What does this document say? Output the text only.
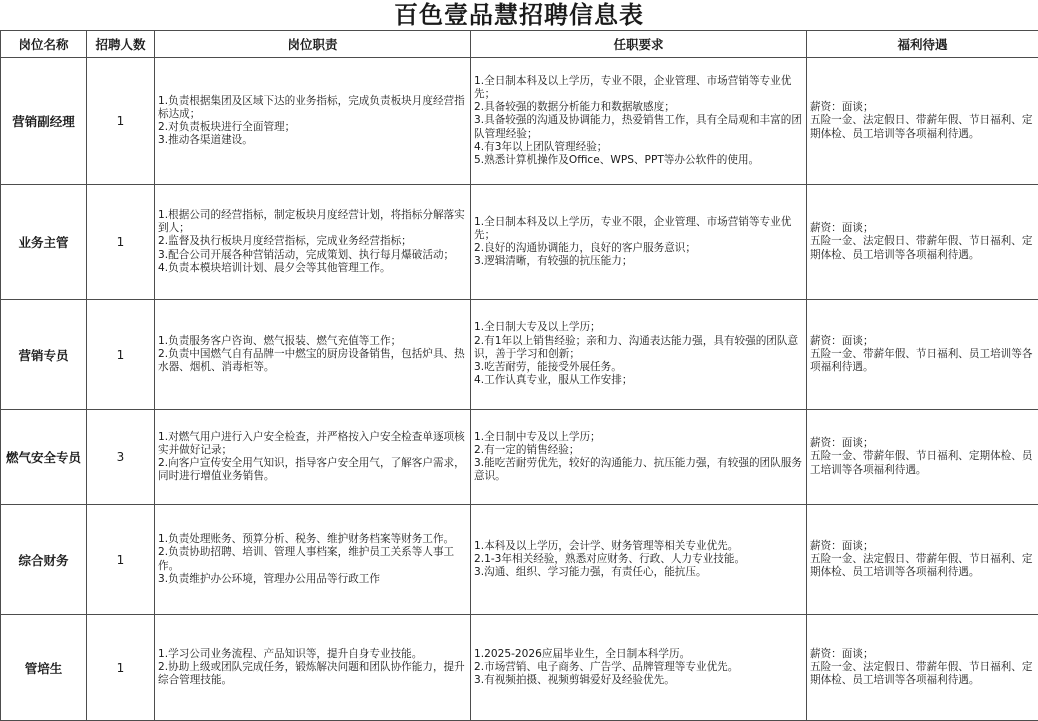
百色壹品慧招聘信息表
岗位名称	招聘人数	岗位职责	任职要求	福利待遇
营销副经理	1	1.负责根据集团及区域下达的业务指标，完成负责板块月度经营指标达成；
2.对负责板块进行全面管理；
3.推动各渠道建设。	1.全日制本科及以上学历，专业不限，企业管理、市场营销等专业优先；
2.具备较强的数据分析能力和数据敏感度；
3.具备较强的沟通及协调能力，热爱销售工作，具有全局观和丰富的团队管理经验；
4.有3年以上团队管理经验；
5.熟悉计算机操作及Office、WPS、PPT等办公软件的使用。	薪资：面谈；
五险一金、法定假日、带薪年假、节日福利、定期体检、员工培训等各项福利待遇。

业务主管	1	1.根据公司的经营指标，制定板块月度经营计划，将指标分解落实到人；
2.监督及执行板块月度经营指标，完成业务经营指标；
3.配合公司开展各种营销活动，完成策划、执行每月爆破活动；
4.负责本模块培训计划、晨夕会等其他管理工作。	1.全日制本科及以上学历，专业不限，企业管理、市场营销等专业优先；
2.良好的沟通协调能力，良好的客户服务意识；
3.逻辑清晰，有较强的抗压能力；	薪资：面谈；
五险一金、法定假日、带薪年假、节日福利、定期体检、员工培训等各项福利待遇。

营销专员	1	1.负责服务客户咨询、燃气报装、燃气充值等工作；
2.负责中国燃气自有品牌一中燃宝的厨房设备销售，包括炉具、热水器、烟机、消毒柜等。	1.全日制大专及以上学历；
2.有1年以上销售经验；亲和力、沟通表达能力强，具有较强的团队意识，善于学习和创新；
3.吃苦耐劳，能接受外展任务。
4.工作认真专业，服从工作安排；	薪资：面谈；
五险一金、带薪年假、节日福利、员工培训等各项福利待遇。

燃气安全专员	3	1.对燃气用户进行入户安全检查，并严格按入户安全检查单逐项核实并做好记录；
2.向客户宣传安全用气知识，指导客户安全用气，了解客户需求，同时进行增值业务销售。	1.全日制中专及以上学历；
2.有一定的销售经验；
3.能吃苦耐劳优先，较好的沟通能力、抗压能力强，有较强的团队服务意识。	薪资：面谈；
五险一金、带薪年假、节日福利、定期体检、员工培训等各项福利待遇。

综合财务	1	1.负责处理账务、预算分析、税务、维护财务档案等财务工作。
2.负责协助招聘、培训、管理人事档案，维护员工关系等人事工作。
3.负责维护办公环境，管理办公用品等行政工作	1.本科及以上学历，会计学、财务管理等相关专业优先。
2.1-3年相关经验，熟悉对应财务、行政、人力专业技能。
3.沟通、组织、学习能力强，有责任心，能抗压。	薪资：面谈；
五险一金、法定假日、带薪年假、节日福利、定期体检、员工培训等各项福利待遇。

管培生	1	1.学习公司业务流程、产品知识等，提升自身专业技能。
2.协助上级或团队完成任务，锻炼解决问题和团队协作能力，提升综合管理技能。	1.2025-2026应届毕业生，全日制本科学历。
2.市场营销、电子商务、广告学、品牌管理等专业优先。
3.有视频拍摄、视频剪辑爱好及经验优先。	薪资：面谈；
五险一金、法定假日、带薪年假、节日福利、定期体检、员工培训等各项福利待遇。
